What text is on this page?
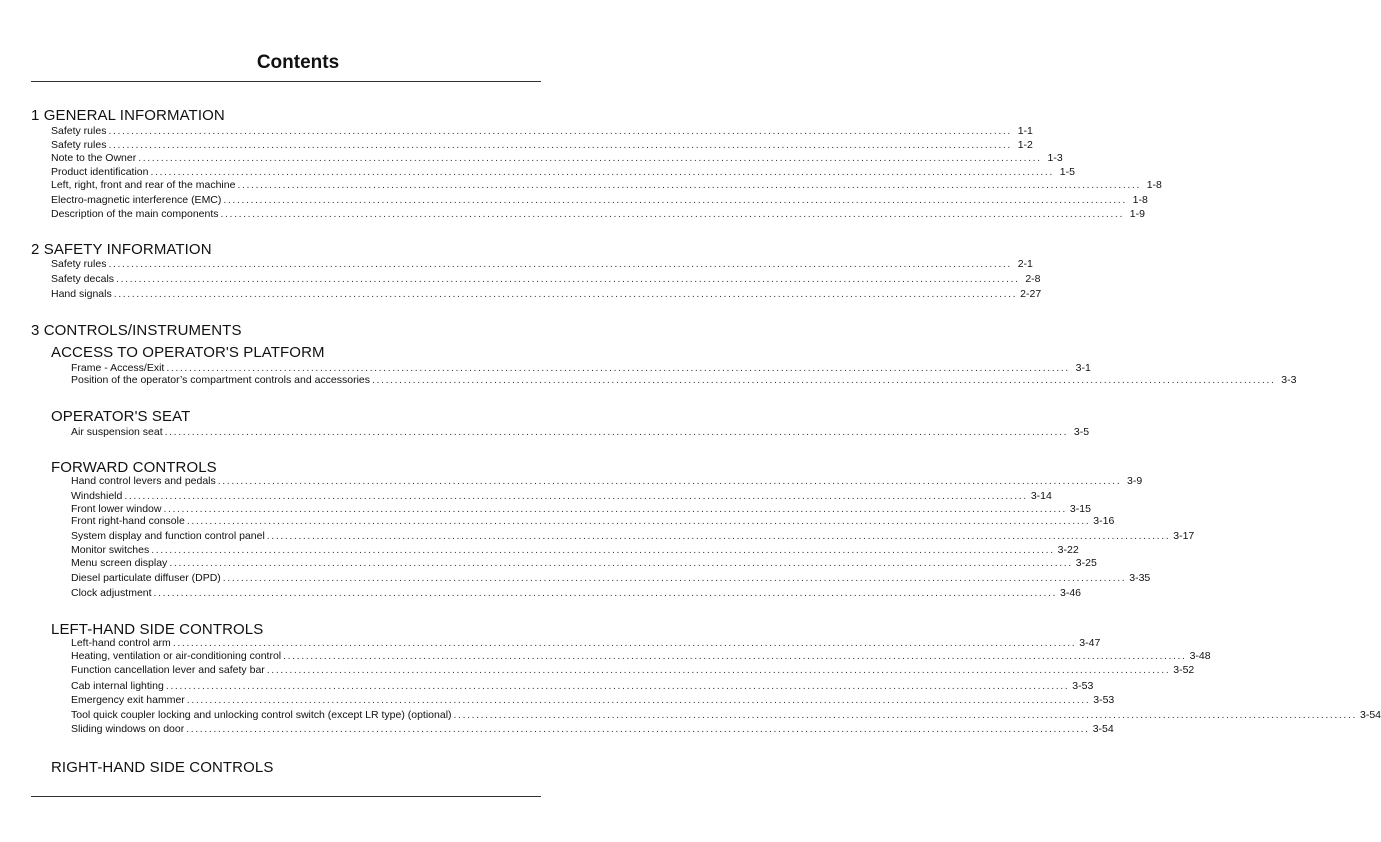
Contents
1 GENERAL INFORMATION
Safety rules ........................................................................................................................................................................................................ 1-1
Safety rules ........................................................................................................................................................................................................ 1-2
Note to the Owner ........................................................................................................................................................................................................ 1-3
Product identification ........................................................................................................................................................................................................ 1-5
Left, right, front and rear of the machine ........................................................................................................................................................................................................ 1-8
Electro-magnetic interference (EMC) ........................................................................................................................................................................................................ 1-8
Description of the main components ........................................................................................................................................................................................................ 1-9
2 SAFETY INFORMATION
Safety rules ........................................................................................................................................................................................................ 2-1
Safety decals ........................................................................................................................................................................................................ 2-8
Hand signals ........................................................................................................................................................................................................ 2-27
3 CONTROLS/INSTRUMENTS
ACCESS TO OPERATOR'S PLATFORM
Frame - Access/Exit ........................................................................................................................................................................................................ 3-1
Position of the operator’s compartment controls and accessories ........................................................................................................................................................................................................ 3-3
OPERATOR'S SEAT
Air suspension seat ........................................................................................................................................................................................................ 3-5
FORWARD CONTROLS
Hand control levers and pedals ........................................................................................................................................................................................................ 3-9
Windshield ........................................................................................................................................................................................................ 3-14
Front lower window ........................................................................................................................................................................................................ 3-15
Front right-hand console ........................................................................................................................................................................................................ 3-16
System display and function control panel ........................................................................................................................................................................................................ 3-17
Monitor switches ........................................................................................................................................................................................................ 3-22
Menu screen display ........................................................................................................................................................................................................ 3-25
Diesel particulate diffuser (DPD) ........................................................................................................................................................................................................ 3-35
Clock adjustment ........................................................................................................................................................................................................ 3-46
LEFT-HAND SIDE CONTROLS
Left-hand control arm ........................................................................................................................................................................................................ 3-47
Heating, ventilation or air-conditioning control ........................................................................................................................................................................................................ 3-48
Function cancellation lever and safety bar ........................................................................................................................................................................................................ 3-52
Cab internal lighting ........................................................................................................................................................................................................ 3-53
Emergency exit hammer ........................................................................................................................................................................................................ 3-53
Tool quick coupler locking and unlocking control switch (except LR type) (optional) ........................................................................................................................................................................................................ 3-54
Sliding windows on door ........................................................................................................................................................................................................ 3-54
RIGHT-HAND SIDE CONTROLS
